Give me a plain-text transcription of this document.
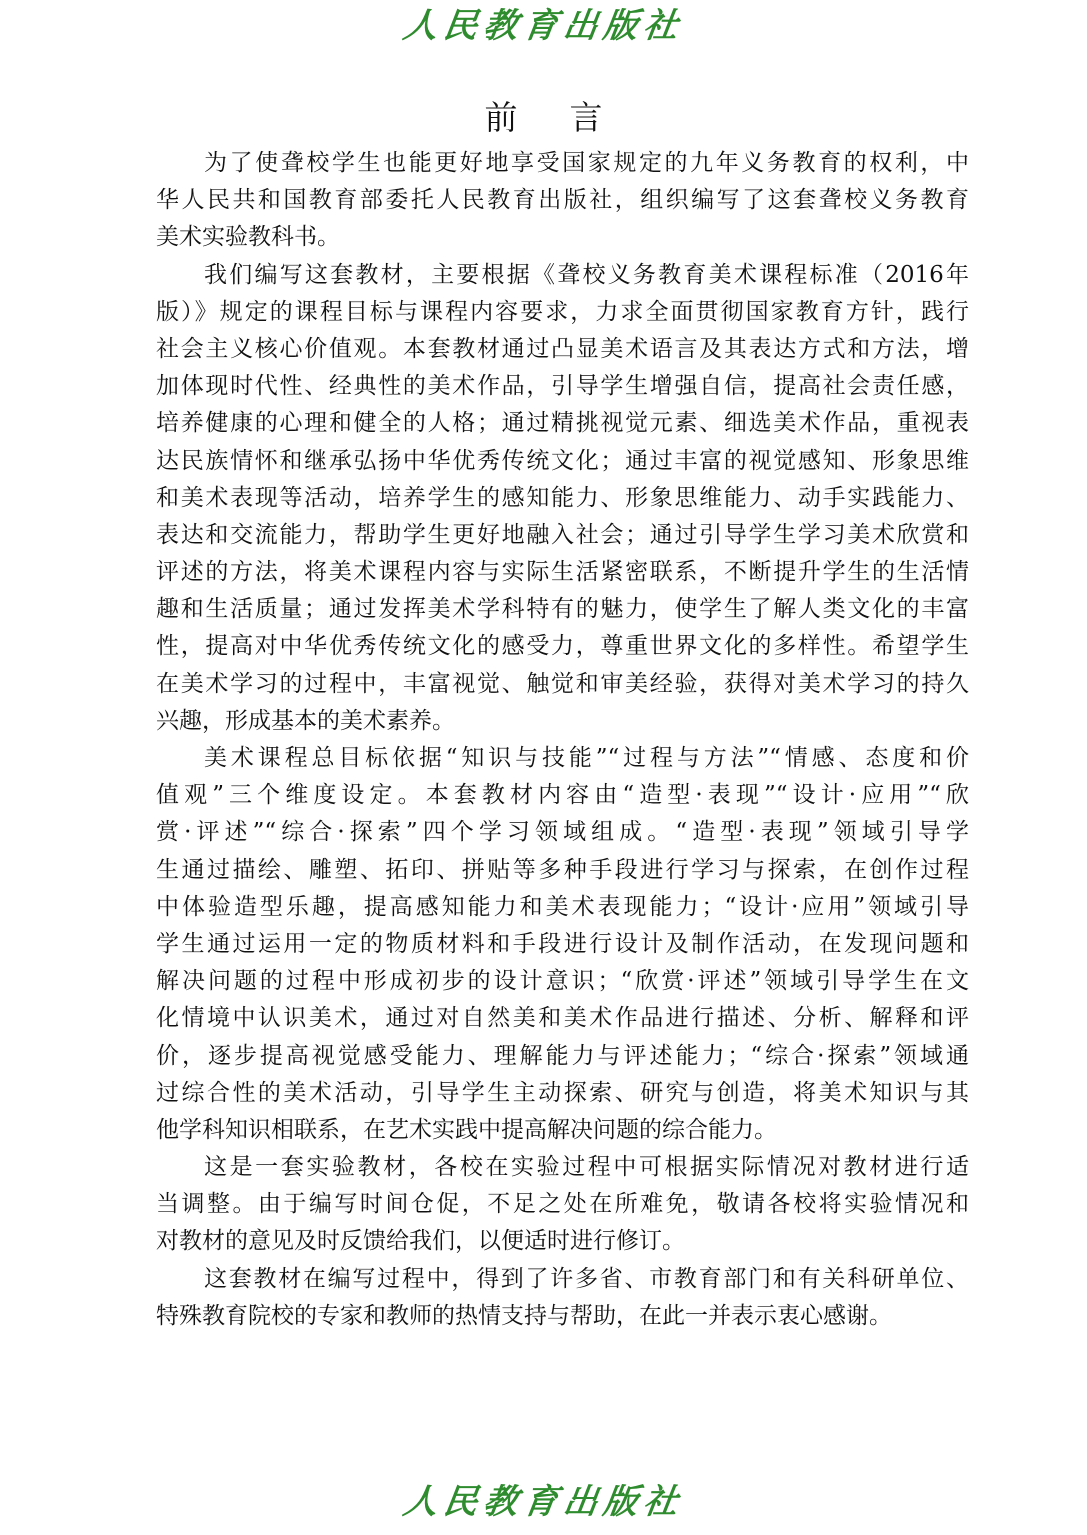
人民教育出版社
前 言
为了使聋校学生也能更好地享受国家规定的九年义务教育的权利，中
华人民共和国教育部委托人民教育出版社，组织编写了这套聋校义务教育
美术实验教科书。
我们编写这套教材，主要根据《聋校义务教育美术课程标准（2016年
版）》规定的课程目标与课程内容要求，力求全面贯彻国家教育方针，践行
社会主义核心价值观。本套教材通过凸显美术语言及其表达方式和方法，增
加体现时代性、经典性的美术作品，引导学生增强自信，提高社会责任感，
培养健康的心理和健全的人格；通过精挑视觉元素、细选美术作品，重视表
达民族情怀和继承弘扬中华优秀传统文化；通过丰富的视觉感知、形象思维
和美术表现等活动，培养学生的感知能力、形象思维能力、动手实践能力、
表达和交流能力，帮助学生更好地融入社会；通过引导学生学习美术欣赏和
评述的方法，将美术课程内容与实际生活紧密联系，不断提升学生的生活情
趣和生活质量；通过发挥美术学科特有的魅力，使学生了解人类文化的丰富
性，提高对中华优秀传统文化的感受力，尊重世界文化的多样性。希望学生
在美术学习的过程中，丰富视觉、触觉和审美经验，获得对美术学习的持久
兴趣，形成基本的美术素养。
美术课程总目标依据“知识与技能”“过程与方法”“情感、态度和价
值观”三个维度设定。本套教材内容由“造型·表现”“设计·应用”“欣
赏·评述”“综合·探索”四个学习领域组成。“造型·表现”领域引导学
生通过描绘、雕塑、拓印、拼贴等多种手段进行学习与探索，在创作过程
中体验造型乐趣，提高感知能力和美术表现能力；“设计·应用”领域引导
学生通过运用一定的物质材料和手段进行设计及制作活动，在发现问题和
解决问题的过程中形成初步的设计意识；“欣赏·评述”领域引导学生在文
化情境中认识美术，通过对自然美和美术作品进行描述、分析、解释和评
价，逐步提高视觉感受能力、理解能力与评述能力；“综合·探索”领域通
过综合性的美术活动，引导学生主动探索、研究与创造，将美术知识与其
他学科知识相联系，在艺术实践中提高解决问题的综合能力。
这是一套实验教材，各校在实验过程中可根据实际情况对教材进行适
当调整。由于编写时间仓促，不足之处在所难免，敬请各校将实验情况和
对教材的意见及时反馈给我们，以便适时进行修订。
这套教材在编写过程中，得到了许多省、市教育部门和有关科研单位、
特殊教育院校的专家和教师的热情支持与帮助，在此一并表示衷心感谢。
人民教育出版社
